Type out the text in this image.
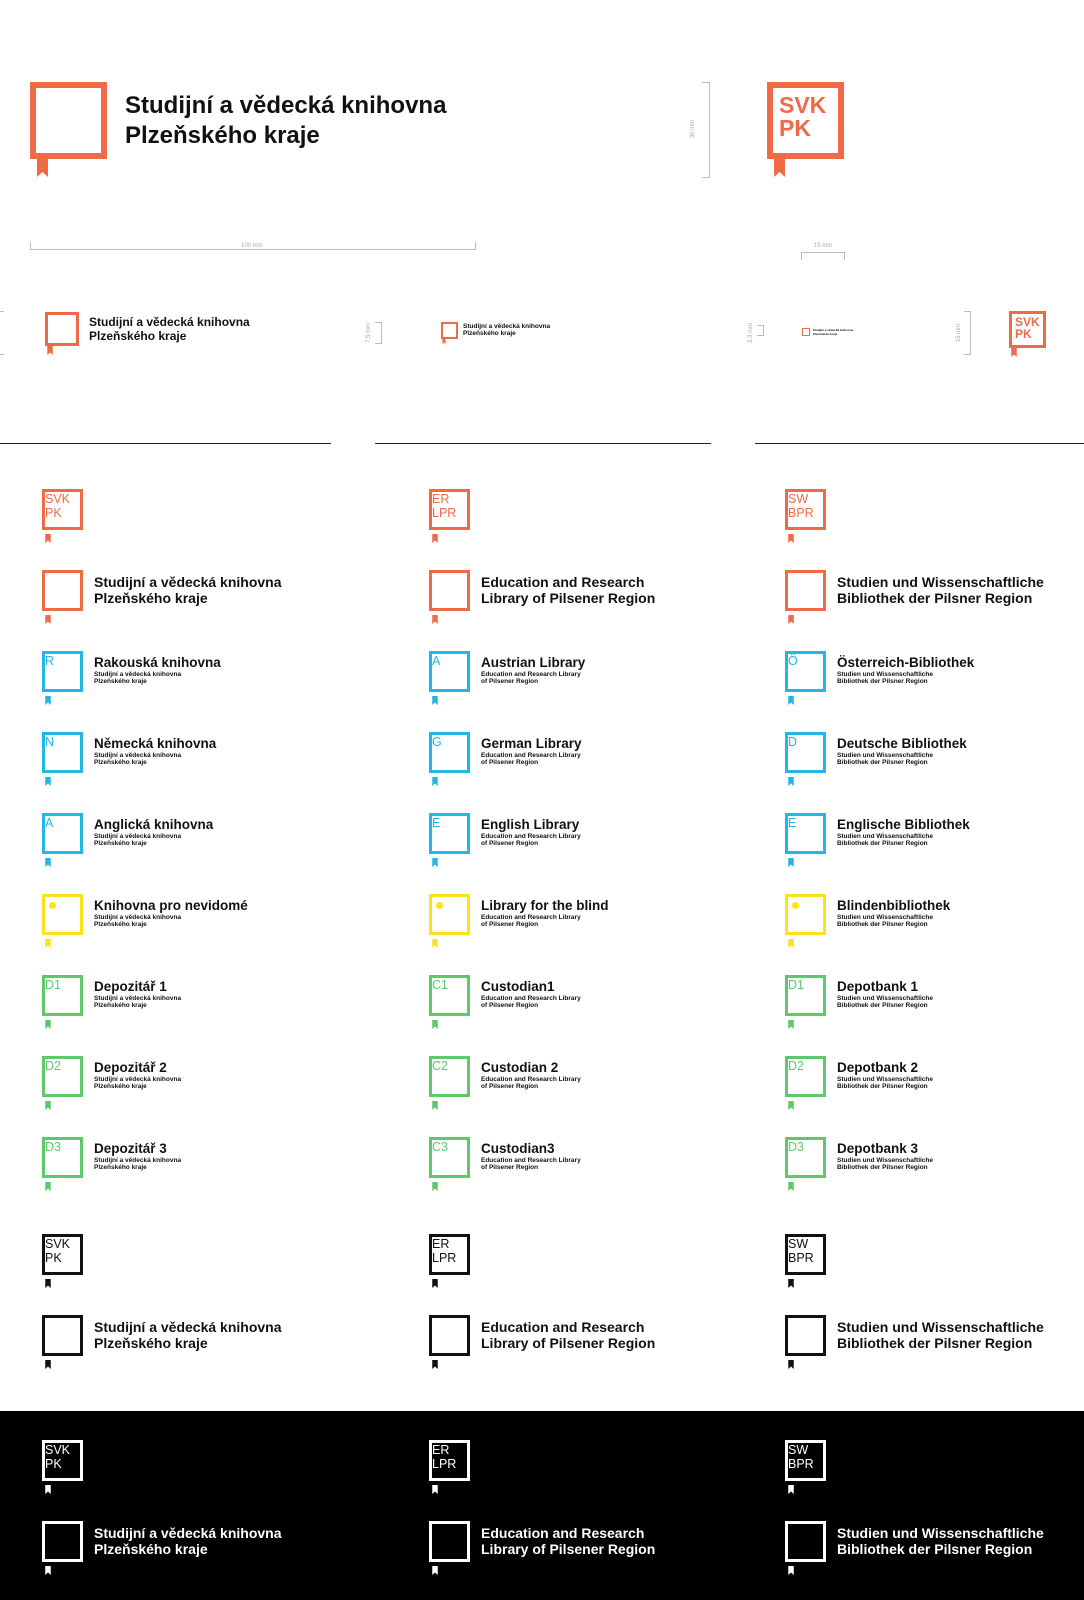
Studijní a vědecká knihovna
Plzeňského kraje
100 mm
30 mm
SVK
PK
15 mm
Studijní a vědecká knihovna
Plzeňského kraje	7,5 mm	Studijní a vědecká knihovna
Plzeňského kraje	3,3 mm	Studijní a vědecká knihovna
Plzeňského kraje	15 mm
SVK
PK
SVK PK
Studijní a vědecká knihovna
Plzeňského kraje
R	Rakouská knihovna
Studijní a vědecká knihovna
Plzeňského kraje
N	Německá knihovna
Studijní a vědecká knihovna
Plzeňského kraje
A	Anglická knihovna
Studijní a vědecká knihovna
Plzeňského kraje
Knihovna pro nevidomé
Studijní a vědecká knihovna
Plzeňského kraje
D1	Depozitář 1
Studijní a vědecká knihovna
Plzeňského kraje
D2	Depozitář 2
Studijní a vědecká knihovna
Plzeňského kraje
D3	Depozitář 3
Studijní a vědecká knihovna
Plzeňského kraje
SVK PK
Studijní a vědecká knihovna
Plzeňského kraje
SVK PK
Studijní a vědecká knihovna
Plzeňského kraje
ER LPR
Education and Research
Library of Pilsener Region
A	Austrian Library
Education and Research Library
of Pilsener Region
G	German Library
Education and Research Library
of Pilsener Region
E	English Library
Education and Research Library
of Pilsener Region
Library for the blind
Education and Research Library
of Pilsener Region
C1	Custodian1
Education and Research Library
of Pilsener Region
C2	Custodian 2
Education and Research Library
of Pilsener Region
C3	Custodian3
Education and Research Library
of Pilsener Region
ER LPR
Education and Research
Library of Pilsener Region
ER LPR
Education and Research
Library of Pilsener Region
SW BPR
Studien und Wissenschaftliche
Bibliothek der Pilsner Region
Ö	Österreich-Bibliothek
Studien und Wissenschaftliche
Bibliothek der Pilsner Region
D	Deutsche Bibliothek
Studien und Wissenschaftliche
Bibliothek der Pilsner Region
E	Englische Bibliothek
Studien und Wissenschaftliche
Bibliothek der Pilsner Region
Blindenbibliothek
Studien und Wissenschaftliche
Bibliothek der Pilsner Region
D1	Depotbank 1
Studien und Wissenschaftliche
Bibliothek der Pilsner Region
D2	Depotbank 2
Studien und Wissenschaftliche
Bibliothek der Pilsner Region
D3	Depotbank 3
Studien und Wissenschaftliche
Bibliothek der Pilsner Region
SW BPR
Studien und Wissenschaftliche
Bibliothek der Pilsner Region
SW BPR
Studien und Wissenschaftliche
Bibliothek der Pilsner Region
